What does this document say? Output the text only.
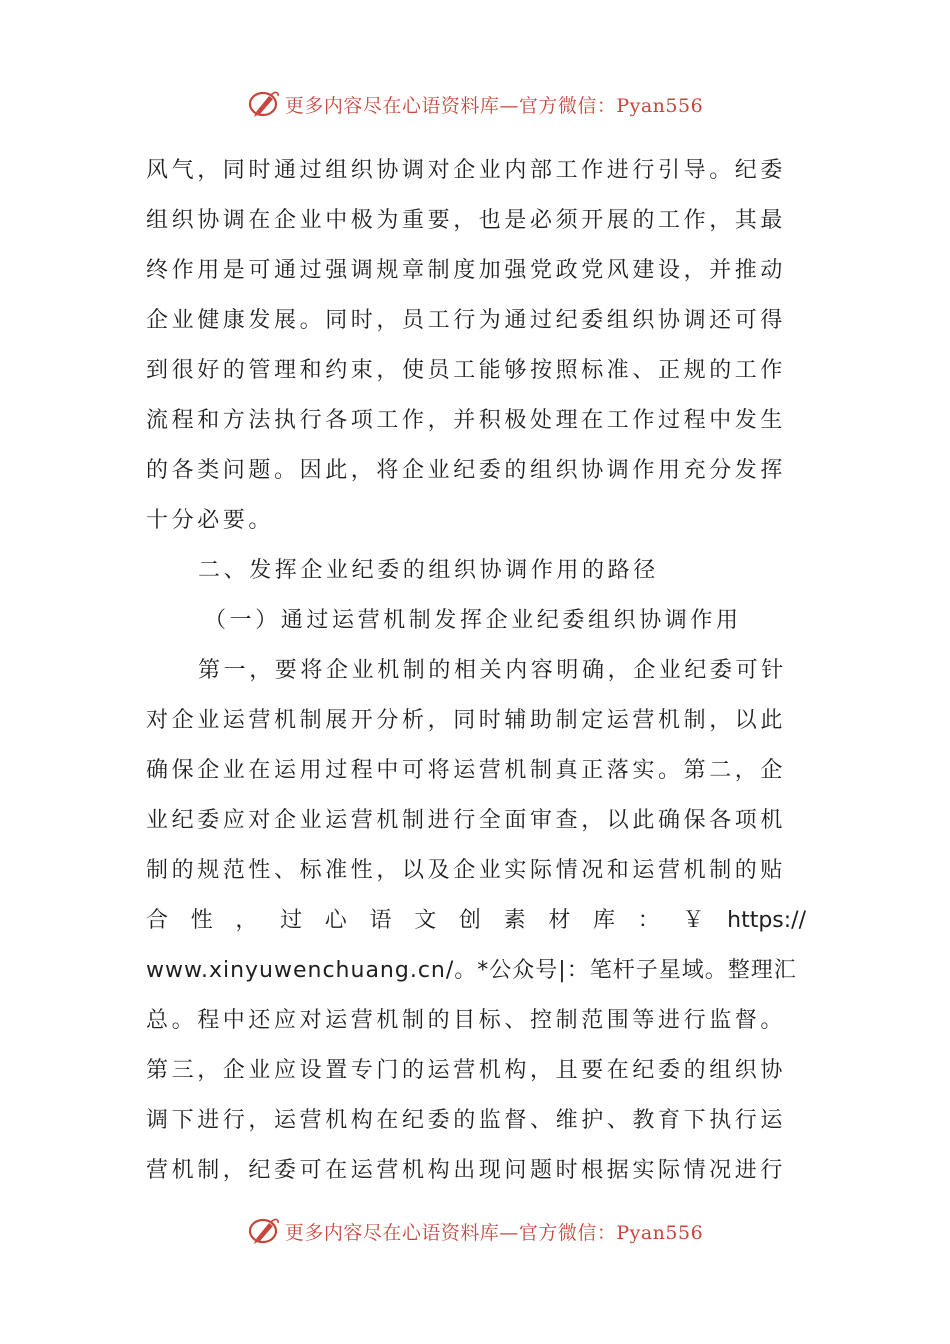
更多内容尽在心语资料库—官方微信：Pyan556
风气，同时通过组织协调对企业内部工作进行引导。纪委
组织协调在企业中极为重要，也是必须开展的工作，其最
终作用是可通过强调规章制度加强党政党风建设，并推动
企业健康发展。同时，员工行为通过纪委组织协调还可得
到很好的管理和约束，使员工能够按照标准、正规的工作
流程和方法执行各项工作，并积极处理在工作过程中发生
的各类问题。因此，将企业纪委的组织协调作用充分发挥
十分必要。
二、发挥企业纪委的组织协调作用的路径
（一）通过运营机制发挥企业纪委组织协调作用
第一，要将企业机制的相关内容明确，企业纪委可针
对企业运营机制展开分析，同时辅助制定运营机制，以此
确保企业在运用过程中可将运营机制真正落实。第二，企
业纪委应对企业运营机制进行全面审查，以此确保各项机
制的规范性、标准性，以及企业实际情况和运营机制的贴
合 性 ， 过 心 语 文 创 素 材 库 ： ￥ https://
www.xinyuwenchuang.cn/。*公众号|：笔杆子星域。整理汇
总。程中还应对运营机制的目标、控制范围等进行监督。
第三，企业应设置专门的运营机构，且要在纪委的组织协
调下进行，运营机构在纪委的监督、维护、教育下执行运
营机制，纪委可在运营机构出现问题时根据实际情况进行
更多内容尽在心语资料库—官方微信：Pyan556
